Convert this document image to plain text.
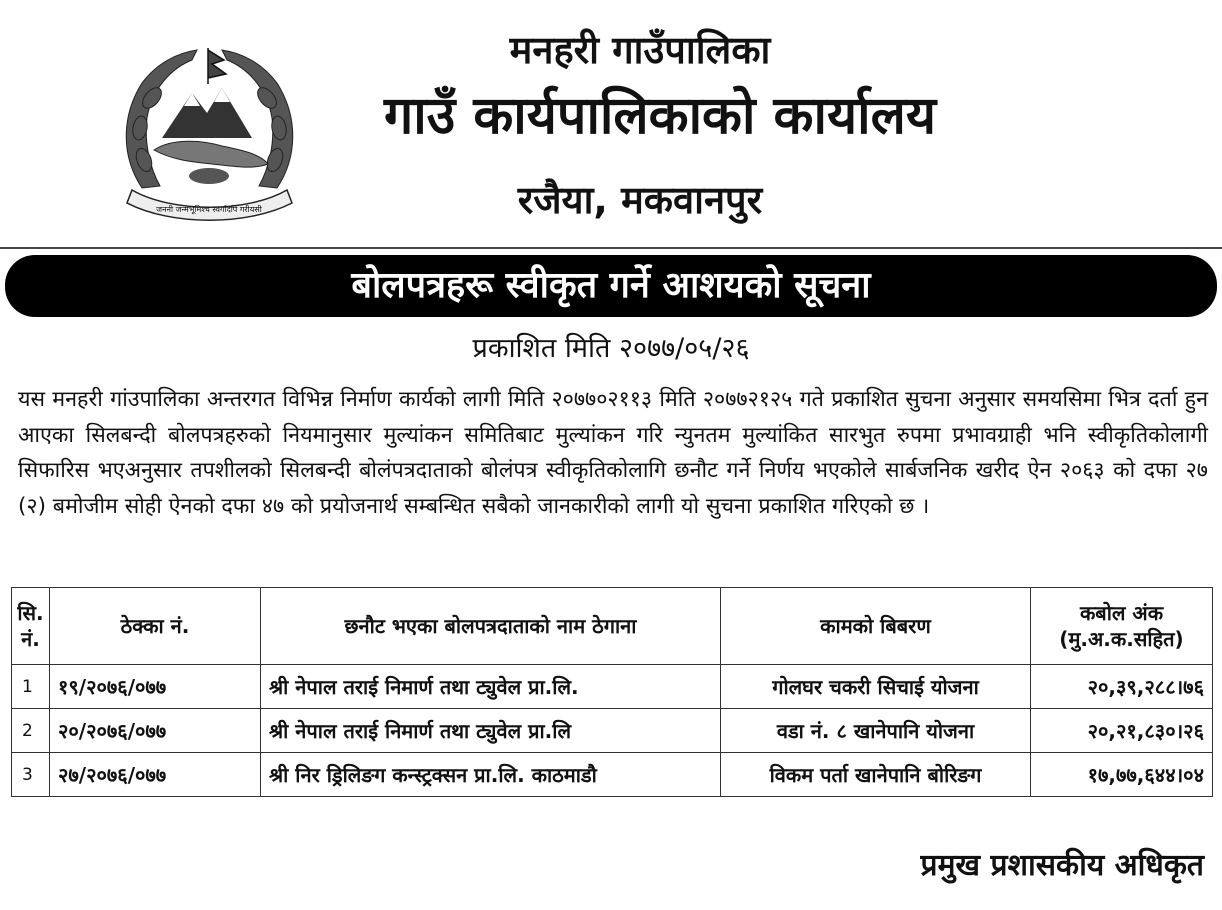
जननी जन्मभूमिश्च स्वर्गादपि गरीयसी
मनहरी गाउँपालिका
गाउँ कार्यपालिकाको कार्यालय
रजैया, मकवानपुर
बोलपत्रहरू स्वीकृत गर्ने आशयको सूचना
प्रकाशित मिति २०७७/०५/२६
यस मनहरी गांउपालिका अन्तरगत विभिन्न निर्माण कार्यको लागी मिति २०७७०२११३ मिति २०७७२१२५ गते प्रकाशित सुचना अनुसार समयसिमा भित्र दर्ता हुन आएका सिलबन्दी बोलपत्रहरुको नियमानुसार मुल्यांकन समितिबाट मुल्यांकन गरि न्युनतम मुल्यांकित सारभुत रुपमा प्रभावग्राही भनि स्वीकृतिकोलागी सिफारिस भएअनुसार तपशीलको सिलबन्दी बोलंपत्रदाताको बोलंपत्र स्वीकृतिकोलागि छनौट गर्ने निर्णय भएकोले सार्बजनिक खरीद ऐन २०६३ को दफा २७ (२) बमोजीम सोही ऐनको दफा ४७ को प्रयोजनार्थ सम्बन्धित सबैको जानकारीको लागी यो सुचना प्रकाशित गरिएको छ ।
सि. नं.	ठेक्का नं.	छनौट भएका बोलपत्रदाताको नाम ठेगाना	कामको बिबरण	कबोल अंक (मु.अ.क.सहित)
1	१९/२०७६/०७७	श्री नेपाल तराई निमार्ण तथा ट्युवेल प्रा.लि.	गोलघर चकरी सिचाई योजना	२०,३९,२८८।७६
2	२०/२०७६/०७७	श्री नेपाल तराई निमार्ण तथा ट्युवेल प्रा.लि	वडा नं. ८ खानेपानि योजना	२०,२१,८३०।२६
3	२७/२०७६/०७७	श्री निर ड्रिलिङग कन्स्ट्रक्सन प्रा.लि. काठमाडौ	विकम पर्ता खानेपानि बोरिङग	१७,७७,६४४।०४
प्रमुख प्रशासकीय अधिकृत
